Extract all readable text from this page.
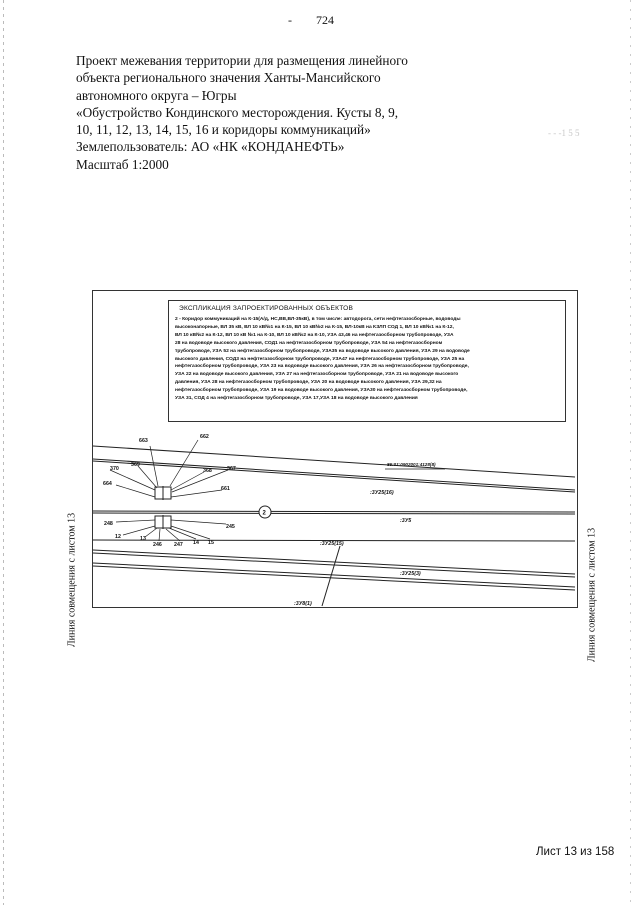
- 724
Проект межевания территории для размещения линейного
объекта регионального значения Ханты-Мансийского
автономного округа – Югры
«Обустройство Кондинского месторождения. Кусты 8, 9,
10, 11, 12, 13, 14, 15, 16 и коридоры коммуникаций»
Землепользователь: АО «НК «КОНДАНЕФТЬ»
Масштаб 1:2000
- - -1 5 5
663
662
370
369
368	367
664
661
248
12	13
246 247 14 15
245
86:01:0902001:4128(8)
:3У25(16)
:3У5
:3У25(15)
:3У25(3)
:3У8(1)
2
ЭКСПЛИКАЦИЯ ЗАПРОЕКТИРОВАННЫХ ОБЪЕКТОВ
2 - Коридор коммуникаций на К-15(А/д, НС,ВВ,ВЛ-35кВ), в том числе: автодорога, сети нефтегазосборные, водоводы
высоконапорные, ВЛ 35 кВ, ВЛ 10 кВ№1 на К-15, ВЛ 10 кВ№2 на К-15, ВЛ-10кВ на КЗЛП СОД 1, ВЛ 10 кВ№1 на К-12,
ВЛ 10 кВ№2 на К-12, ВЛ 10 кВ №1 на К-10, ВЛ 10 кВ№2 на К-10, УЗА 43,46 на нефтегазосборном трубопроводе, УЗА
28 на водоводе высокого давления, СОД1 на нефтегазосборном трубопроводе, УЗА 54 на нефтегазосборном
трубопроводе, УЗА 52 на нефтегазосборном трубопроводе, УЗА35 на водоводе высокого давления, УЗА 29 на водоводе
высокого давления, СОД3 на нефтегазосборном трубопроводе, УЗА47 на нефтегазосборном трубопроводе, УЗА 25 на
нефтегазосборном трубопроводе, УЗА 23 на водоводе высокого давления, УЗА 26 на нефтегазосборном трубопроводе,
УЗА 22 на водоводе высокого давления, УЗА 27 на нефтегазосборном трубопроводе, УЗА 21 на водоводе высокого
давления, УЗА 28 на нефтегазосборном трубопроводе, УЗА 20 на водоводе высокого давления, УЗА 29,32 на
нефтегазосборном трубопроводе, УЗА 19 на водоводе высокого давления, УЗА30 на нефтегазосборном трубопроводе,
УЗА 31, СОД 4 на нефтегазосборном трубопроводе, УЗА 17,УЗА 18 на водоводе высокого давления
Линия совмещения с листом 13	Линия совмещения с листом 13
Лист 13 из 158
